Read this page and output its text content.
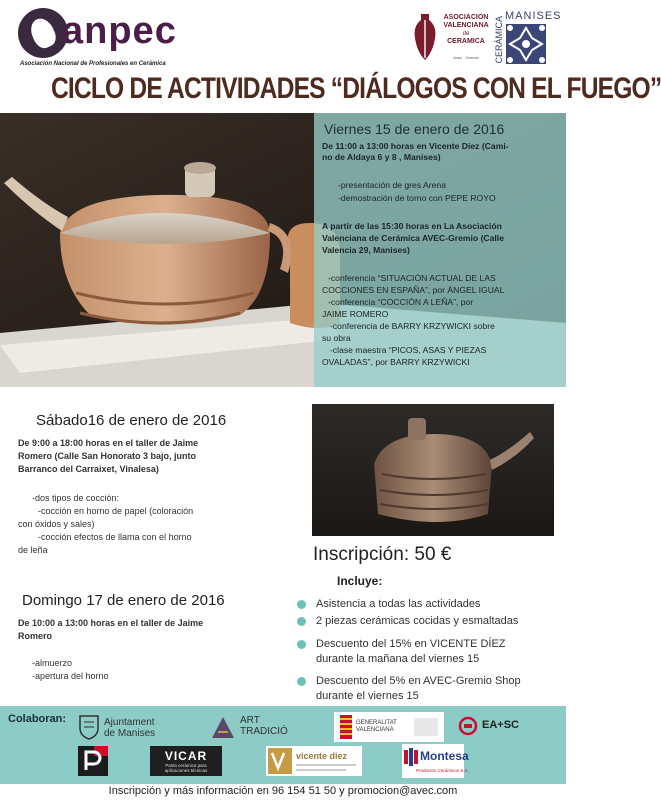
anpec
Asociación Nacional de Profesionales en Cerámica
ASOCIACION
VALENCIANA
de
CERAMICA
Avec - Gremio	CERÁMICA MANISES
CICLO DE ACTIVIDADES “DIÁLOGOS CON EL FUEGO”
Viernes 15 de enero de 2016
De 11:00 a 13:00 horas en Vicente Diez (Cami-
no de Aldaya 6 y 8 , Manises)
-presentación de gres Arena
-demostración de torno con PEPE ROYO
A partir de las 15:30 horas en La Asociación
Valenciana de Cerámica AVEC-Gremio (Calle
Valencia 29, Manises)
-conferencia “SITUACIÓN ACTUAL DE LAS
COCCIONES EN ESPAÑA”, por ÁNGEL IGUAL
-conferencia “COCCIÓN A LEÑA”, por
JAIME ROMERO
-conferencia de BARRY KRZYWICKI sobre
su obra
-clase maestra “PICOS, ASAS Y PIEZAS
OVALADAS”, por BARRY KRZYWICKI
Sábado16 de enero de 2016
De 9:00 a 18:00 horas en el taller de Jaime
Romero (Calle San Honorato 3 bajo, junto
Barranco del Carraixet, Vinalesa)
-dos tipos de cocción:
-cocción en horno de papel (coloración
con óxidos y sales)
-cocción efectos de llama con el horno
de leña
Domingo 17 de enero de 2016
De 10:00 a 13:00 horas en el taller de Jaime
Romero
-almuerzo
-apertura del horno
Inscripción: 50 €
Incluye:
Asistencia a todas las actividades
2 piezas cerámicas cocidas y esmaltadas
Descuento del 15% en VICENTE DÍEZ
durante la mañana del viernes 15
Descuento del 5% en AVEC-Gremio Shop
durante el viernes 15
Colaboran:	Ajuntament
de Manises
ART
TRADICIÓ
GENERALITAT
VALENCIANA	EA+SC
VICAR
Pasta cerámica para
aplicaciones técnicas
vicente diez	Montesa
Productos Cerámicos S.A.
Inscripción y más información en 96 154 51 50 y promocion@avec.com
